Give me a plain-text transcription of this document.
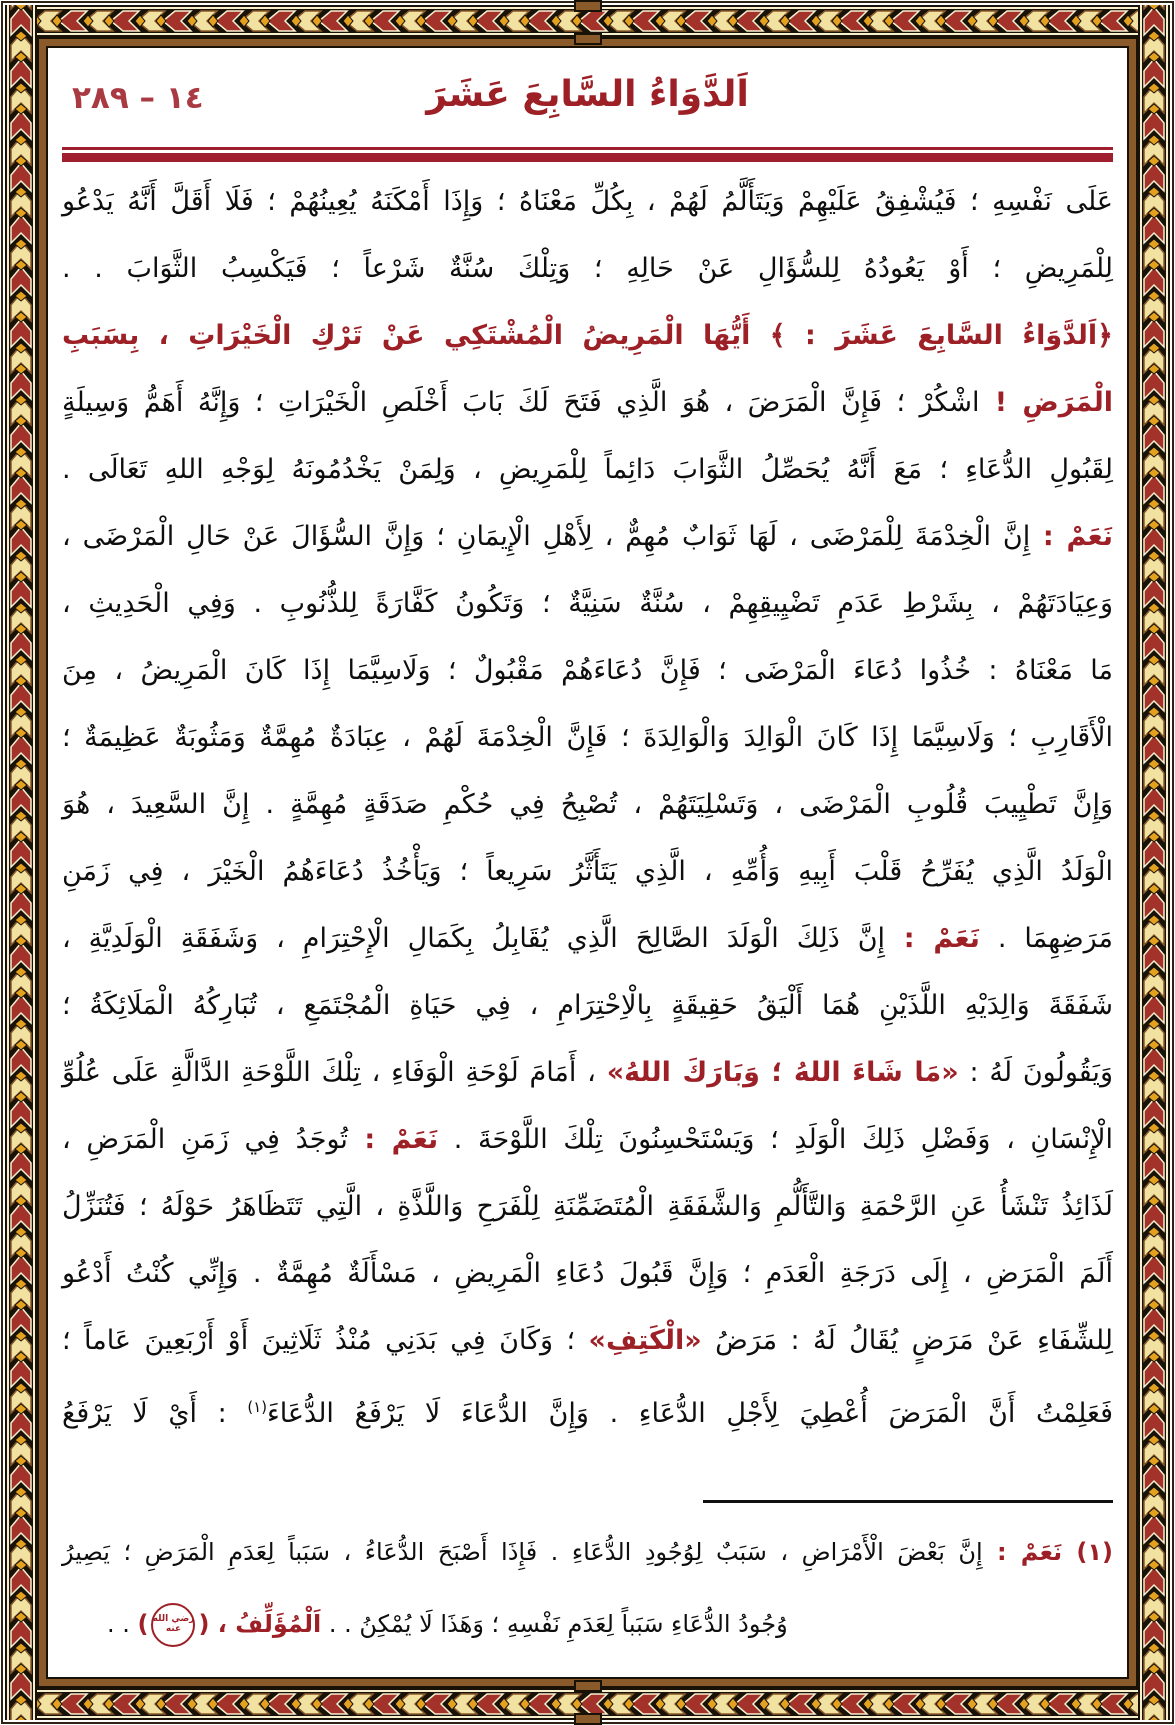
١٤ – ٢٨٩	اَلدَّوَاءُ السَّابِعَ عَشَرَ
عَلَى نَفْسِهِ ؛ فَيُشْفِقُ عَلَيْهِمْ وَيَتَأَلَّمُ لَهُمْ ، بِكُلِّ مَعْنَاهُ ؛ وَإِذَا أَمْكَنَهُ يُعِينُهُمْ ؛ فَلَا أَقَلَّ أَنَّهُ يَدْعُو
لِلْمَرِيضِ ؛ أَوْ يَعُودُهُ لِلسُّؤَالِ عَنْ حَالِهِ ؛ وَتِلْكَ سُنَّةٌ شَرْعاً ؛ فَيَكْسِبُ الثَّوَابَ . .
﴿اَلدَّوَاءُ السَّابِعَ عَشَرَ : ﴾ أَيُّهَا الْمَرِيضُ الْمُشْتَكِي عَنْ تَرْكِ الْخَيْرَاتِ ، بِسَبَبِ
الْمَرَضِ ! اشْكُرْ ؛ فَإِنَّ الْمَرَضَ ، هُوَ الَّذِي فَتَحَ لَكَ بَابَ أَخْلَصِ الْخَيْرَاتِ ؛ وَإِنَّهُ أَهَمُّ وَسِيلَةٍ
لِقَبُولِ الدُّعَاءِ ؛ مَعَ أَنَّهُ يُحَصِّلُ الثَّوَابَ دَائِماً لِلْمَرِيضِ ، وَلِمَنْ يَخْدُمُونَهُ لِوَجْهِ اللهِ تَعَالَى .
نَعَمْ : إِنَّ الْخِدْمَةَ لِلْمَرْضَى ، لَهَا ثَوَابٌ مُهِمٌّ ، لِأَهْلِ الْإِيمَانِ ؛ وَإِنَّ السُّؤَالَ عَنْ حَالِ الْمَرْضَى ،
وَعِيَادَتَهُمْ ، بِشَرْطِ عَدَمِ تَضْيِيقِهِمْ ، سُنَّةٌ سَنِيَّةٌ ؛ وَتَكُونُ كَفَّارَةً لِلذُّنُوبِ . وَفِي الْحَدِيثِ ،
مَا مَعْنَاهُ : خُذُوا دُعَاءَ الْمَرْضَى ؛ فَإِنَّ دُعَاءَهُمْ مَقْبُولٌ ؛ وَلَاسِيَّمَا إِذَا كَانَ الْمَرِيضُ ، مِنَ
الْأَقَارِبِ ؛ وَلَاسِيَّمَا إِذَا كَانَ الْوَالِدَ وَالْوَالِدَةَ ؛ فَإِنَّ الْخِدْمَةَ لَهُمْ ، عِبَادَةٌ مُهِمَّةٌ وَمَثُوبَةٌ عَظِيمَةٌ ؛
وَإِنَّ تَطْيِيبَ قُلُوبِ الْمَرْضَى ، وَتَسْلِيَتَهُمْ ، تُصْبِحُ فِي حُكْمِ صَدَقَةٍ مُهِمَّةٍ . إِنَّ السَّعِيدَ ، هُوَ
الْوَلَدُ الَّذِي يُفَرِّحُ قَلْبَ أَبِيهِ وَأُمِّهِ ، الَّذِي يَتَأَثَّرُ سَرِيعاً ؛ وَيَأْخُذُ دُعَاءَهُمُ الْخَيْرَ ، فِي زَمَنِ
مَرَضِهِمَا . نَعَمْ : إِنَّ ذَلِكَ الْوَلَدَ الصَّالِحَ الَّذِي يُقَابِلُ بِكَمَالِ الْإِحْتِرَامِ ، وَشَفَقَةِ الْوَلَدِيَّةِ ،
شَفَقَةَ وَالِدَيْهِ اللَّذَيْنِ هُمَا أَلْيَقُ حَقِيقَةٍ بِالْاِحْتِرَامِ ، فِي حَيَاةِ الْمُجْتَمَعِ ، تُبَارِكُهُ الْمَلَائِكَةُ ؛
وَيَقُولُونَ لَهُ : «مَا شَاءَ اللهُ ؛ وَبَارَكَ اللهُ» ، أَمَامَ لَوْحَةِ الْوَفَاءِ ، تِلْكَ اللَّوْحَةِ الدَّالَّةِ عَلَى عُلُوِّ
الْإِنْسَانِ ، وَفَضْلِ ذَلِكَ الْوَلَدِ ؛ وَيَسْتَحْسِنُونَ تِلْكَ اللَّوْحَةَ . نَعَمْ : تُوجَدُ فِي زَمَنِ الْمَرَضِ ،
لَذَائِذُ تَنْشَأُ عَنِ الرَّحْمَةِ وَالتَّأَلُّمِ وَالشَّفَقَةِ الْمُتَضَمِّنَةِ لِلْفَرَحِ وَاللَّذَّةِ ، الَّتِي تَتَظَاهَرُ حَوْلَهُ ؛ فَتُنَزِّلُ
أَلَمَ الْمَرَضِ ، إِلَى دَرَجَةِ الْعَدَمِ ؛ وَإِنَّ قَبُولَ دُعَاءِ الْمَرِيضِ ، مَسْأَلَةٌ مُهِمَّةٌ . وَإِنِّي كُنْتُ أَدْعُو
لِلشِّفَاءِ عَنْ مَرَضٍ يُقَالُ لَهُ : مَرَضُ «الْكَتِفِ» ؛ وَكَانَ فِي بَدَنِي مُنْذُ ثَلَاثِينَ أَوْ أَرْبَعِينَ عَاماً ؛
فَعَلِمْتُ أَنَّ الْمَرَضَ أُعْطِيَ لِأَجْلِ الدُّعَاءِ . وَإِنَّ الدُّعَاءَ لَا يَرْفَعُ الدُّعَاءَ$^{(١)}$ : أَيْ لَا يَرْفَعُ
(١) نَعَمْ : إِنَّ بَعْضَ الْأَمْرَاضِ ، سَبَبٌ لِوُجُودِ الدُّعَاءِ . فَإِذَا أَصْبَحَ الدُّعَاءُ ، سَبَباً لِعَدَمِ الْمَرَضِ ؛ يَصِيرُ
وُجُودُ الدُّعَاءِ سَبَباً لِعَدَمِ نَفْسِهِ ؛ وَهَذَا لَا يُمْكِنُ . . اَلْمُؤَلِّفُ ، (
رضي الله
عنه
) . .
